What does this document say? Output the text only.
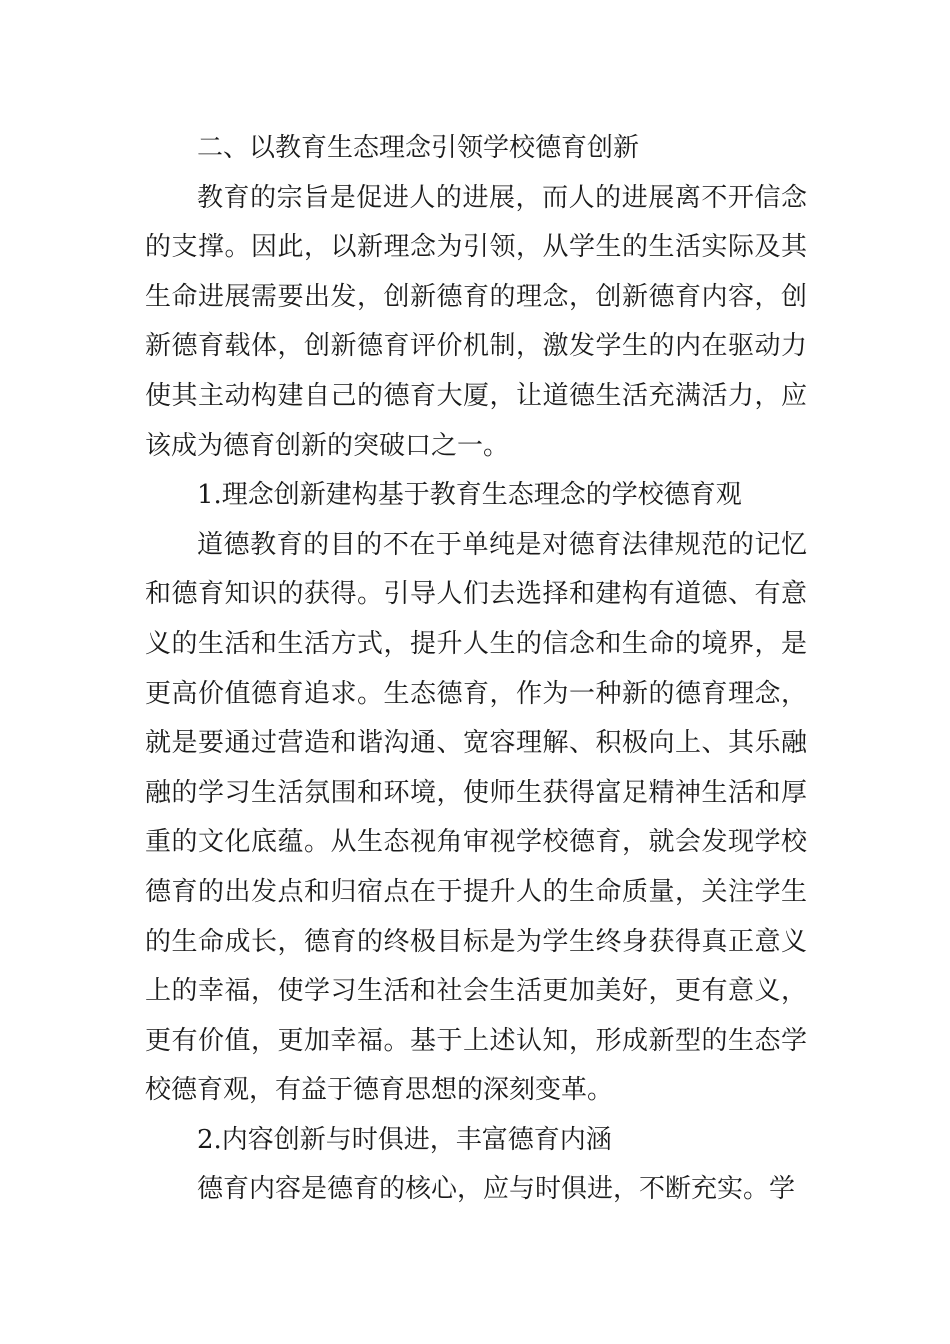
二、以教育生态理念引领学校德育创新

教育的宗旨是促进人的进展，而人的进展离不开信念的支撑。因此，以新理念为引领，从学生的生活实际及其生命进展需要出发，创新德育的理念，创新德育内容，创新德育载体，创新德育评价机制，激发学生的内在驱动力使其主动构建自己的德育大厦，让道德生活充满活力，应该成为德育创新的突破口之一。

1.理念创新建构基于教育生态理念的学校德育观

道德教育的目的不在于单纯是对德育法律规范的记忆和德育知识的获得。引导人们去选择和建构有道德、有意义的生活和生活方式，提升人生的信念和生命的境界，是更高价值德育追求。生态德育，作为一种新的德育理念，就是要通过营造和谐沟通、宽容理解、积极向上、其乐融融的学习生活氛围和环境，使师生获得富足精神生活和厚重的文化底蕴。从生态视角审视学校德育，就会发现学校德育的出发点和归宿点在于提升人的生命质量，关注学生的生命成长，德育的终极目标是为学生终身获得真正意义上的幸福，使学习生活和社会生活更加美好，更有意义，更有价值，更加幸福。基于上述认知，形成新型的生态学校德育观，有益于德育思想的深刻变革。

2.内容创新与时俱进，丰富德育内涵

德育内容是德育的核心，应与时俱进，不断充实。学
